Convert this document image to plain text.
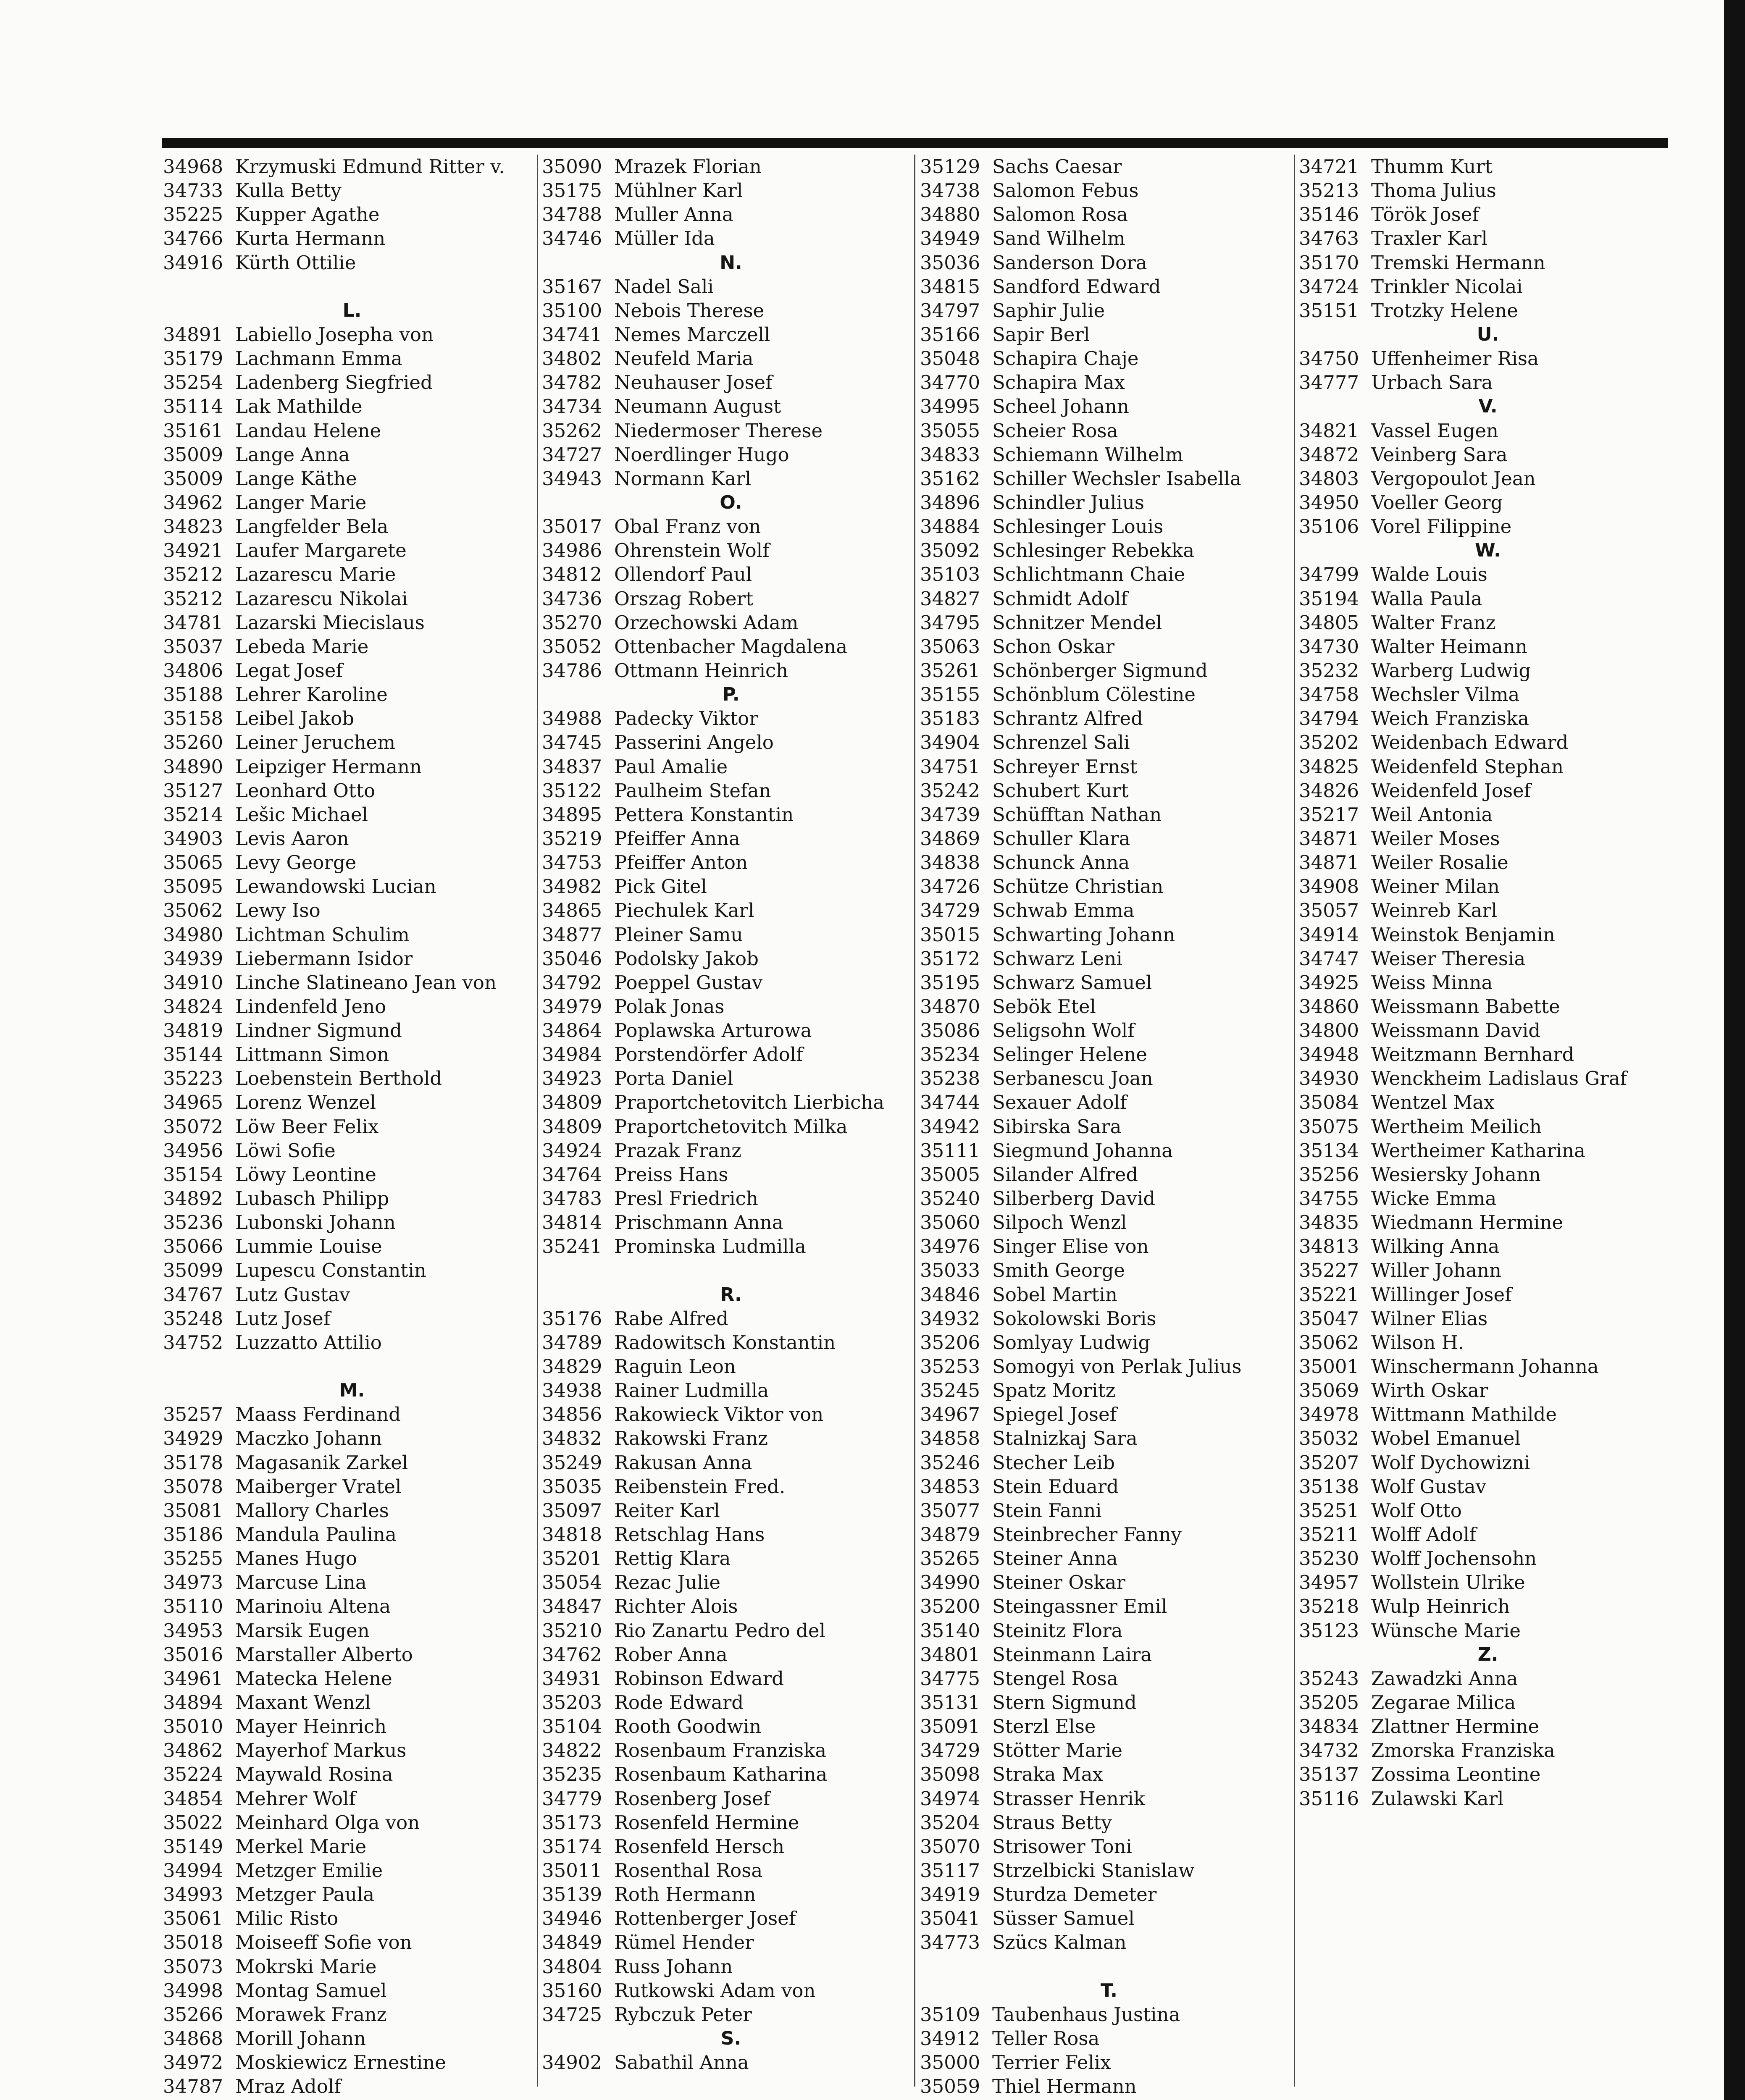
34968 Krzymuski Edmund Ritter v.
34733 Kulla Betty
35225 Kupper Agathe
34766 Kurta Hermann
34916 Kürth Ottilie
L.
34891 Labiello Josepha von
35179 Lachmann Emma
35254 Ladenberg Siegfried
35114 Lak Mathilde
35161 Landau Helene
35009 Lange Anna
35009 Lange Käthe
34962 Langer Marie
34823 Langfelder Bela
34921 Laufer Margarete
35212 Lazarescu Marie
35212 Lazarescu Nikolai
34781 Lazarski Miecislaus
35037 Lebeda Marie
34806 Legat Josef
35188 Lehrer Karoline
35158 Leibel Jakob
35260 Leiner Jeruchem
34890 Leipziger Hermann
35127 Leonhard Otto
35214 Lešic Michael
34903 Levis Aaron
35065 Levy George
35095 Lewandowski Lucian
35062 Lewy Iso
34980 Lichtman Schulim
34939 Liebermann Isidor
34910 Linche Slatineano Jean von
34824 Lindenfeld Jeno
34819 Lindner Sigmund
35144 Littmann Simon
35223 Loebenstein Berthold
34965 Lorenz Wenzel
35072 Löw Beer Felix
34956 Löwi Sofie
35154 Löwy Leontine
34892 Lubasch Philipp
35236 Lubonski Johann
35066 Lummie Louise
35099 Lupescu Constantin
34767 Lutz Gustav
35248 Lutz Josef
34752 Luzzatto Attilio
M.
35257 Maass Ferdinand
34929 Maczko Johann
35178 Magasanik Zarkel
35078 Maiberger Vratel
35081 Mallory Charles
35186 Mandula Paulina
35255 Manes Hugo
34973 Marcuse Lina
35110 Marinoiu Altena
34953 Marsik Eugen
35016 Marstaller Alberto
34961 Matecka Helene
34894 Maxant Wenzl
35010 Mayer Heinrich
34862 Mayerhof Markus
35224 Maywald Rosina
34854 Mehrer Wolf
35022 Meinhard Olga von
35149 Merkel Marie
34994 Metzger Emilie
34993 Metzger Paula
35061 Milic Risto
35018 Moiseeff Sofie von
35073 Mokrski Marie
34998 Montag Samuel
35266 Morawek Franz
34868 Morill Johann
34972 Moskiewicz Ernestine
34787 Mraz Adolf
35090 Mrazek Florian
35175 Mühlner Karl
34788 Muller Anna
34746 Müller Ida
N.
35167 Nadel Sali
35100 Nebois Therese
34741 Nemes Marczell
34802 Neufeld Maria
34782 Neuhauser Josef
34734 Neumann August
35262 Niedermoser Therese
34727 Noerdlinger Hugo
34943 Normann Karl
O.
35017 Obal Franz von
34986 Ohrenstein Wolf
34812 Ollendorf Paul
34736 Orszag Robert
35270 Orzechowski Adam
35052 Ottenbacher Magdalena
34786 Ottmann Heinrich
P.
34988 Padecky Viktor
34745 Passerini Angelo
34837 Paul Amalie
35122 Paulheim Stefan
34895 Pettera Konstantin
35219 Pfeiffer Anna
34753 Pfeiffer Anton
34982 Pick Gitel
34865 Piechulek Karl
34877 Pleiner Samu
35046 Podolsky Jakob
34792 Poeppel Gustav
34979 Polak Jonas
34864 Poplawska Arturowa
34984 Porstendörfer Adolf
34923 Porta Daniel
34809 Praportchetovitch Lierbicha
34809 Praportchetovitch Milka
34924 Prazak Franz
34764 Preiss Hans
34783 Presl Friedrich
34814 Prischmann Anna
35241 Prominska Ludmilla
R.
35176 Rabe Alfred
34789 Radowitsch Konstantin
34829 Raguin Leon
34938 Rainer Ludmilla
34856 Rakowieck Viktor von
34832 Rakowski Franz
35249 Rakusan Anna
35035 Reibenstein Fred.
35097 Reiter Karl
34818 Retschlag Hans
35201 Rettig Klara
35054 Rezac Julie
34847 Richter Alois
35210 Rio Zanartu Pedro del
34762 Rober Anna
34931 Robinson Edward
35203 Rode Edward
35104 Rooth Goodwin
34822 Rosenbaum Franziska
35235 Rosenbaum Katharina
34779 Rosenberg Josef
35173 Rosenfeld Hermine
35174 Rosenfeld Hersch
35011 Rosenthal Rosa
35139 Roth Hermann
34946 Rottenberger Josef
34849 Rümel Hender
34804 Russ Johann
35160 Rutkowski Adam von
34725 Rybczuk Peter
S.
34902 Sabathil Anna
35129 Sachs Caesar
34738 Salomon Febus
34880 Salomon Rosa
34949 Sand Wilhelm
35036 Sanderson Dora
34815 Sandford Edward
34797 Saphir Julie
35166 Sapir Berl
35048 Schapira Chaje
34770 Schapira Max
34995 Scheel Johann
35055 Scheier Rosa
34833 Schiemann Wilhelm
35162 Schiller Wechsler Isabella
34896 Schindler Julius
34884 Schlesinger Louis
35092 Schlesinger Rebekka
35103 Schlichtmann Chaie
34827 Schmidt Adolf
34795 Schnitzer Mendel
35063 Schon Oskar
35261 Schönberger Sigmund
35155 Schönblum Cölestine
35183 Schrantz Alfred
34904 Schrenzel Sali
34751 Schreyer Ernst
35242 Schubert Kurt
34739 Schüfftan Nathan
34869 Schuller Klara
34838 Schunck Anna
34726 Schütze Christian
34729 Schwab Emma
35015 Schwarting Johann
35172 Schwarz Leni
35195 Schwarz Samuel
34870 Sebök Etel
35086 Seligsohn Wolf
35234 Selinger Helene
35238 Serbanescu Joan
34744 Sexauer Adolf
34942 Sibirska Sara
35111 Siegmund Johanna
35005 Silander Alfred
35240 Silberberg David
35060 Silpoch Wenzl
34976 Singer Elise von
35033 Smith George
34846 Sobel Martin
34932 Sokolowski Boris
35206 Somlyay Ludwig
35253 Somogyi von Perlak Julius
35245 Spatz Moritz
34967 Spiegel Josef
34858 Stalnizkaj Sara
35246 Stecher Leib
34853 Stein Eduard
35077 Stein Fanni
34879 Steinbrecher Fanny
35265 Steiner Anna
34990 Steiner Oskar
35200 Steingassner Emil
35140 Steinitz Flora
34801 Steinmann Laira
34775 Stengel Rosa
35131 Stern Sigmund
35091 Sterzl Else
34729 Stötter Marie
35098 Straka Max
34974 Strasser Henrik
35204 Straus Betty
35070 Strisower Toni
35117 Strzelbicki Stanislaw
34919 Sturdza Demeter
35041 Süsser Samuel
34773 Szücs Kalman
T.
35109 Taubenhaus Justina
34912 Teller Rosa
35000 Terrier Felix
35059 Thiel Hermann
34721 Thumm Kurt
35213 Thoma Julius
35146 Török Josef
34763 Traxler Karl
35170 Tremski Hermann
34724 Trinkler Nicolai
35151 Trotzky Helene
U.
34750 Uffenheimer Risa
34777 Urbach Sara
V.
34821 Vassel Eugen
34872 Veinberg Sara
34803 Vergopoulot Jean
34950 Voeller Georg
35106 Vorel Filippine
W.
34799 Walde Louis
35194 Walla Paula
34805 Walter Franz
34730 Walter Heimann
35232 Warberg Ludwig
34758 Wechsler Vilma
34794 Weich Franziska
35202 Weidenbach Edward
34825 Weidenfeld Stephan
34826 Weidenfeld Josef
35217 Weil Antonia
34871 Weiler Moses
34871 Weiler Rosalie
34908 Weiner Milan
35057 Weinreb Karl
34914 Weinstok Benjamin
34747 Weiser Theresia
34925 Weiss Minna
34860 Weissmann Babette
34800 Weissmann David
34948 Weitzmann Bernhard
34930 Wenckheim Ladislaus Graf
35084 Wentzel Max
35075 Wertheim Meilich
35134 Wertheimer Katharina
35256 Wesiersky Johann
34755 Wicke Emma
34835 Wiedmann Hermine
34813 Wilking Anna
35227 Willer Johann
35221 Willinger Josef
35047 Wilner Elias
35062 Wilson H.
35001 Winschermann Johanna
35069 Wirth Oskar
34978 Wittmann Mathilde
35032 Wobel Emanuel
35207 Wolf Dychowizni
35138 Wolf Gustav
35251 Wolf Otto
35211 Wolff Adolf
35230 Wolff Jochensohn
34957 Wollstein Ulrike
35218 Wulp Heinrich
35123 Wünsche Marie
Z.
35243 Zawadzki Anna
35205 Zegarae Milica
34834 Zlattner Hermine
34732 Zmorska Franziska
35137 Zossima Leontine
35116 Zulawski Karl
